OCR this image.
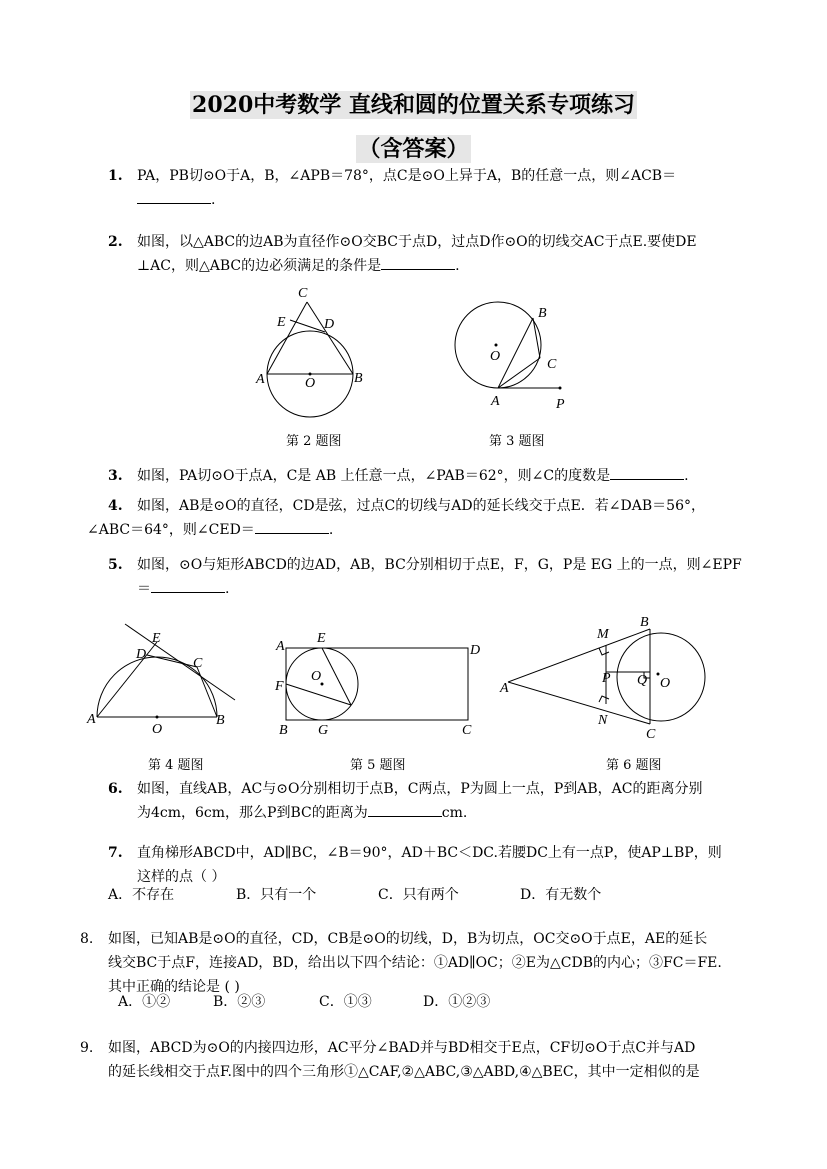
2020中考数学 直线和圆的位置关系专项练习
（含答案）
1. PA，PB切⊙O于A，B，∠APB＝78°，点C是⊙O上异于A，B的任意一点，则∠ACB＝
.
2. 如图，以△ABC的边AB为直径作⊙O交BC于点D，过点D作⊙O的切线交AC于点E.要使DE
⊥AC，则△ABC的边必须满足的条件是	.
C
E	D
A	O	B
第 2 题图
B
O
C
A	P
第 3 题图
3. 如图，PA切⊙O于点A，C是 AB 上任意一点，∠PAB＝62°，则∠C的度数是	.
4. 如图，AB是⊙O的直径，CD是弦，过点C的切线与AD的延长线交于点E．若∠DAB＝56°，
∠ABC＝64°，则∠CED＝	.
5. 如图，⊙O与矩形ABCD的边AD，AB，BC分别相切于点E，F，G，P是 EG 上的一点，则∠EPF
＝	.
E
D
C
A
O
B
第 4 题图
A
E
D
O
F
B G	C
第 5 题图
B
M
A
P Q O
N
C
第 6 题图
6. 如图，直线AB，AC与⊙O分别相切于点B，C两点，P为圆上一点，P到AB，AC的距离分别
为4cm，6cm，那么P到BC的距离为	cm.
7. 直角梯形ABCD中，AD∥BC，∠B＝90°，AD＋BC＜DC.若腰DC上有一点P，使AP⊥BP，则
这样的点（ ）
A．不存在	B．只有一个	C．只有两个	D．有无数个
8. 如图，已知AB是⊙O的直径，CD，CB是⊙O的切线，D，B为切点，OC交⊙O于点E，AE的延长
线交BC于点F，连接AD，BD，给出以下四个结论：①AD∥OC；②E为△CDB的内心；③FC＝FE.
其中正确的结论是 ( )
A．①②	B．②③	C．①③	D．①②③
9. 如图，ABCD为⊙O的内接四边形，AC平分∠BAD并与BD相交于E点，CF切⊙O于点C并与AD
的延长线相交于点F.图中的四个三角形①△CAF,②△ABC,③△ABD,④△BEC，其中一定相似的是
